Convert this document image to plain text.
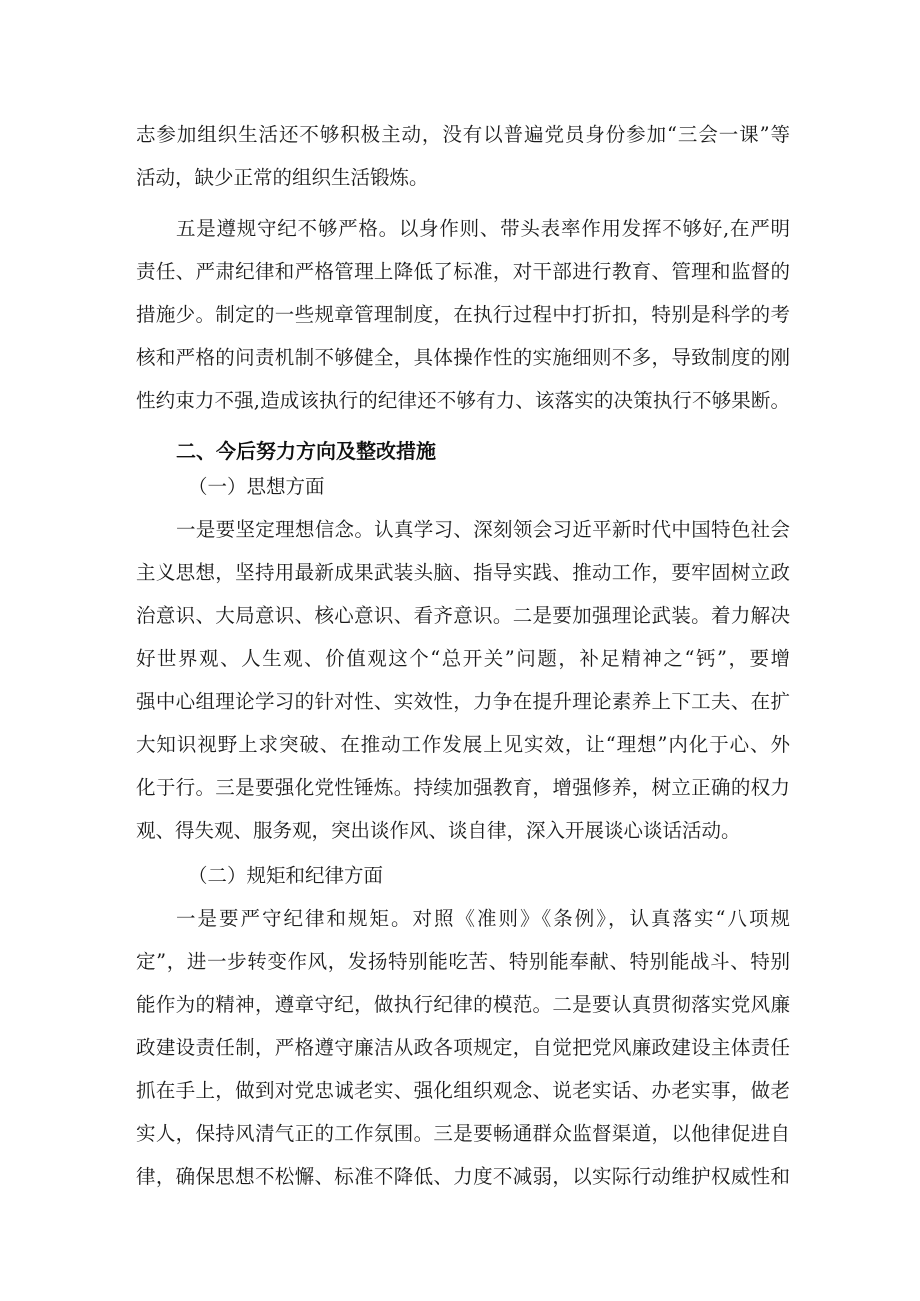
志参加组织生活还不够积极主动，没有以普遍党员身份参加“三会一课”等
活动，缺少正常的组织生活锻炼。
五是遵规守纪不够严格。以身作则、带头表率作用发挥不够好,在严明
责任、严肃纪律和严格管理上降低了标准，对干部进行教育、管理和监督的
措施少。制定的一些规章管理制度，在执行过程中打折扣，特别是科学的考
核和严格的问责机制不够健全，具体操作性的实施细则不多，导致制度的刚
性约束力不强,造成该执行的纪律还不够有力、该落实的决策执行不够果断。
二、今后努力方向及整改措施
（一）思想方面
一是要坚定理想信念。认真学习、深刻领会习近平新时代中国特色社会
主义思想，坚持用最新成果武装头脑、指导实践、推动工作，要牢固树立政
治意识、大局意识、核心意识、看齐意识。二是要加强理论武装。着力解决
好世界观、人生观、价值观这个“总开关”问题，补足精神之“钙”，要增
强中心组理论学习的针对性、实效性，力争在提升理论素养上下工夫、在扩
大知识视野上求突破、在推动工作发展上见实效，让“理想”内化于心、外
化于行。三是要强化党性锤炼。持续加强教育，增强修养，树立正确的权力
观、得失观、服务观，突出谈作风、谈自律，深入开展谈心谈话活动。
（二）规矩和纪律方面
一是要严守纪律和规矩。对照《准则》《条例》，认真落实“八项规
定”，进一步转变作风，发扬特别能吃苦、特别能奉献、特别能战斗、特别
能作为的精神，遵章守纪，做执行纪律的模范。二是要认真贯彻落实党风廉
政建设责任制，严格遵守廉洁从政各项规定，自觉把党风廉政建设主体责任
抓在手上，做到对党忠诚老实、强化组织观念、说老实话、办老实事，做老
实人，保持风清气正的工作氛围。三是要畅通群众监督渠道，以他律促进自
律，确保思想不松懈、标准不降低、力度不减弱，以实际行动维护权威性和
